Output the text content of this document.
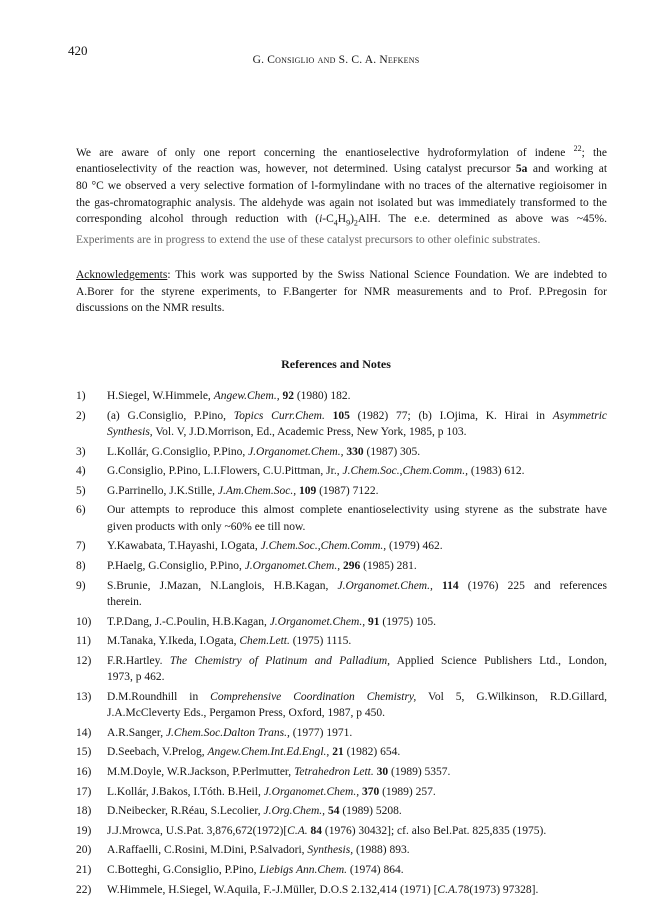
420
G. Consiglio and S. C. A. Nefkens
We are aware of only one report concerning the enantioselective hydroformylation of indene $^{22}$; the
enantioselectivity of the reaction was, however, not determined. Using catalyst precursor 5a and working at
80 °C we observed a very selective formation of l-formylindane with no traces of the alternative regioisomer in
the gas-chromatographic analysis. The aldehyde was again not isolated but was immediately transformed to the
corresponding alcohol through reduction with $(i-C_4H_9)_2AlH$. The e.e. determined as above was ~45%.
Experiments are in progress to extend the use of these catalyst precursors to other olefinic substrates.
Acknowledgements: This work was supported by the Swiss National Science Foundation. We are indebted to
A.Borer for the styrene experiments, to F.Bangerter for NMR measurements and to Prof. P.Pregosin for
discussions on the NMR results.
References and Notes
1) H.Siegel, W.Himmele, Angew.Chem., 92 (1980) 182.
2) (a) G.Consiglio, P.Pino, Topics Curr.Chem. 105 (1982) 77; (b) I.Ojima, K. Hirai in Asymmetric
Synthesis, Vol. V, J.D.Morrison, Ed., Academic Press, New York, 1985, p 103.
3) L.Kollár, G.Consiglio, P.Pino, J.Organomet.Chem., 330 (1987) 305.
4) G.Consiglio, P.Pino, L.I.Flowers, C.U.Pittman, Jr., J.Chem.Soc.,Chem.Comm., (1983) 612.
5) G.Parrinello, J.K.Stille, J.Am.Chem.Soc., 109 (1987) 7122.
6) Our attempts to reproduce this almost complete enantioselectivity using styrene as the substrate have
given products with only ~60% ee till now.
7) Y.Kawabata, T.Hayashi, I.Ogata, J.Chem.Soc.,Chem.Comm., (1979) 462.
8) P.Haelg, G.Consiglio, P.Pino, J.Organomet.Chem., 296 (1985) 281.
9) S.Brunie, J.Mazan, N.Langlois, H.B.Kagan, J.Organomet.Chem., 114 (1976) 225 and references
therein.
10) T.P.Dang, J.-C.Poulin, H.B.Kagan, J.Organomet.Chem., 91 (1975) 105.
11) M.Tanaka, Y.Ikeda, I.Ogata, Chem.Lett. (1975) 1115.
12) F.R.Hartley. The Chemistry of Platinum and Palladium, Applied Science Publishers Ltd., London,
1973, p 462.
13) D.M.Roundhill in Comprehensive Coordination Chemistry, Vol 5, G.Wilkinson, R.D.Gillard,
J.A.McCleverty Eds., Pergamon Press, Oxford, 1987, p 450.
14) A.R.Sanger, J.Chem.Soc.Dalton Trans., (1977) 1971.
15) D.Seebach, V.Prelog, Angew.Chem.Int.Ed.Engl., 21 (1982) 654.
16) M.M.Doyle, W.R.Jackson, P.Perlmutter, Tetrahedron Lett. 30 (1989) 5357.
17) L.Kollár, J.Bakos, I.Tóth. B.Heil, J.Organomet.Chem., 370 (1989) 257.
18) D.Neibecker, R.Réau, S.Lecolier, J.Org.Chem., 54 (1989) 5208.
19) J.J.Mrowca, U.S.Pat. 3,876,672(1972)[C.A. 84 (1976) 30432]; cf. also Bel.Pat. 825,835 (1975).
20) A.Raffaelli, C.Rosini, M.Dini, P.Salvadori, Synthesis, (1988) 893.
21) C.Botteghi, G.Consiglio, P.Pino, Liebigs Ann.Chem. (1974) 864.
22) W.Himmele, H.Siegel, W.Aquila, F.-J.Müller, D.O.S 2.132,414 (1971) [C.A.78(1973) 97328].
